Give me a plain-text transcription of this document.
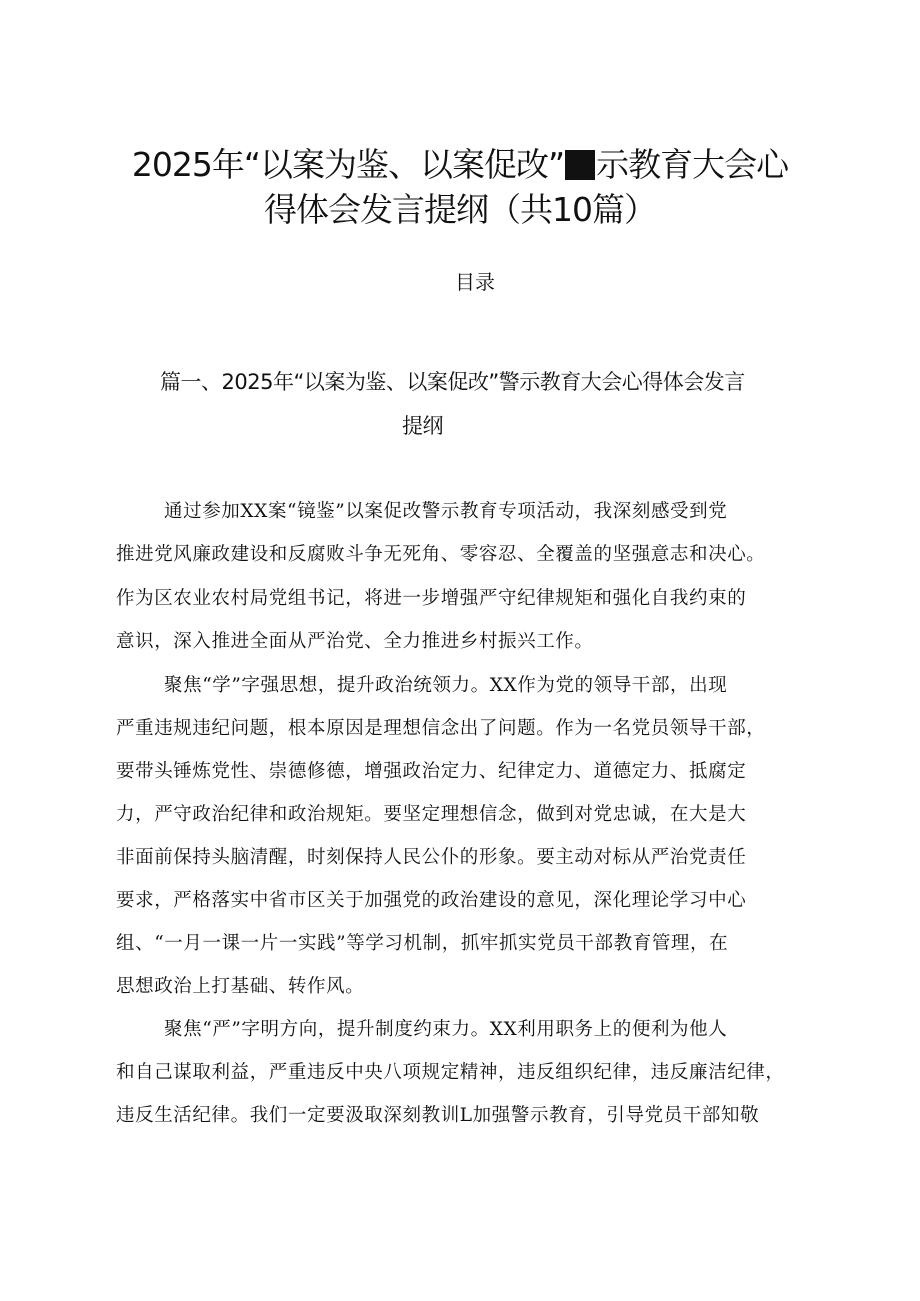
2025年“以案为鉴、以案促改” 示教育大会心
得体会发言提纲（共10篇）
目录
篇一、2025年“以案为鉴、以案促改”警示教育大会心得体会发言
提纲
通过参加XX案“镜鉴”以案促改警示教育专项活动，我深刻感受到党
推进党风廉政建设和反腐败斗争无死角、零容忍、全覆盖的坚强意志和决心。
作为区农业农村局党组书记，将进一步增强严守纪律规矩和强化自我约束的
意识，深入推进全面从严治党、全力推进乡村振兴工作。
聚焦“学”字强思想，提升政治统领力。XX作为党的领导干部，出现
严重违规违纪问题，根本原因是理想信念出了问题。作为一名党员领导干部，
要带头锤炼党性、崇德修德，增强政治定力、纪律定力、道德定力、抵腐定
力，严守政治纪律和政治规矩。要坚定理想信念，做到对党忠诚，在大是大
非面前保持头脑清醒，时刻保持人民公仆的形象。要主动对标从严治党责任
要求，严格落实中省市区关于加强党的政治建设的意见，深化理论学习中心
组、“一月一课一片一实践”等学习机制，抓牢抓实党员干部教育管理，在
思想政治上打基础、转作风。
聚焦“严”字明方向，提升制度约束力。XX利用职务上的便利为他人
和自己谋取利益，严重违反中央八项规定精神，违反组织纪律，违反廉洁纪律，
违反生活纪律。我们一定要汲取深刻教训L加强警示教育，引导党员干部知敬
